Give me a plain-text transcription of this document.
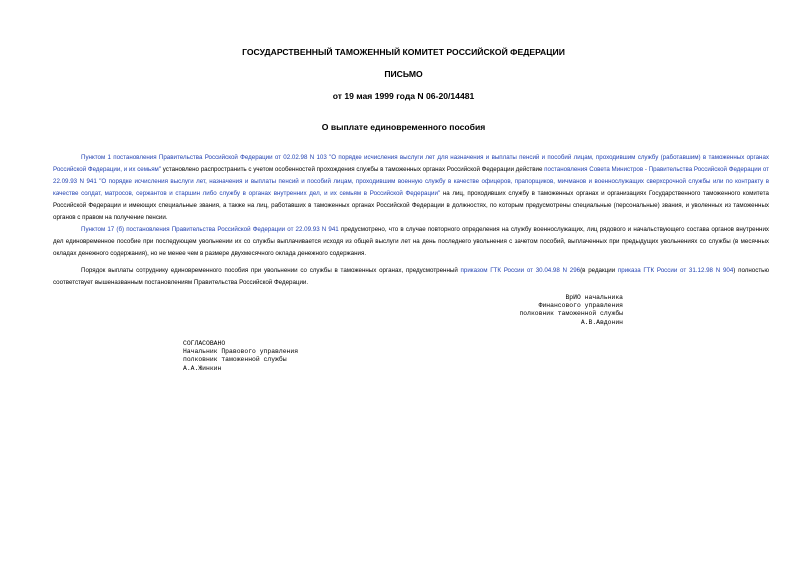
ГОСУДАРСТВЕННЫЙ ТАМОЖЕННЫЙ КОМИТЕТ РОССИЙСКОЙ ФЕДЕРАЦИИ
ПИСЬМО
от 19 мая 1999 года N 06-20/14481
О выплате единовременного пособия
Пунктом 1 постановления Правительства Российской Федерации от 02.02.98 N 103 "О порядке исчисления выслуги лет для назначения и выплаты пенсий и пособий лицам, проходившим службу (работавшим) в таможенных органах Российской Федерации, и их семьям" установлено распространить с учетом особенностей прохождения службы в таможенных органах Российской Федерации действие постановления Совета Министров - Правительства Российской Федерации от 22.09.93 N 941 "О порядке исчисления выслуги лет, назначения и выплаты пенсий и пособий лицам, проходившим военную службу в качестве офицеров, прапорщиков, мичманов и военнослужащих сверхсрочной службы или по контракту в качестве солдат, матросов, сержантов и старшин либо службу в органах внутренних дел, и их семьям в Российской Федерации" на лиц, проходивших службу в таможенных органах и организациях Государственного таможенного комитета Российской Федерации и имеющих специальные звания, а также на лиц, работавших в таможенных органах Российской Федерации в должностях, по которым предусмотрены специальные (персональные) звания, и уволенных из таможенных органов с правом на получение пенсии.
Пунктом 17 (б) постановления Правительства Российской Федерации от 22.09.93 N 941 предусмотрено, что в случае повторного определения на службу военнослужащих, лиц рядового и начальствующего состава органов внутренних дел единовременное пособие при последующем увольнении их со службы выплачивается исходя из общей выслуги лет на день последнего увольнения с зачетом пособий, выплаченных при предыдущих увольнениях со службы (в месячных окладах денежного содержания), но не менее чем в размере двухмесячного оклада денежного содержания.
Порядок выплаты сотруднику единовременного пособия при увольнении со службы в таможенных органах, предусмотренный приказом ГТК России от 30.04.98 N 296(в редакции приказа ГТК России от 31.12.98 N 904) полностью соответствует вышеназванным постановлениям Правительства Российской Федерации.
ВрИО начальника
Финансового управления
полковник таможенной службы
А.В.Авдонин
СОГЛАСОВАНО
Начальник Правового управления
полковник таможенной службы
А.А.Жинкин
